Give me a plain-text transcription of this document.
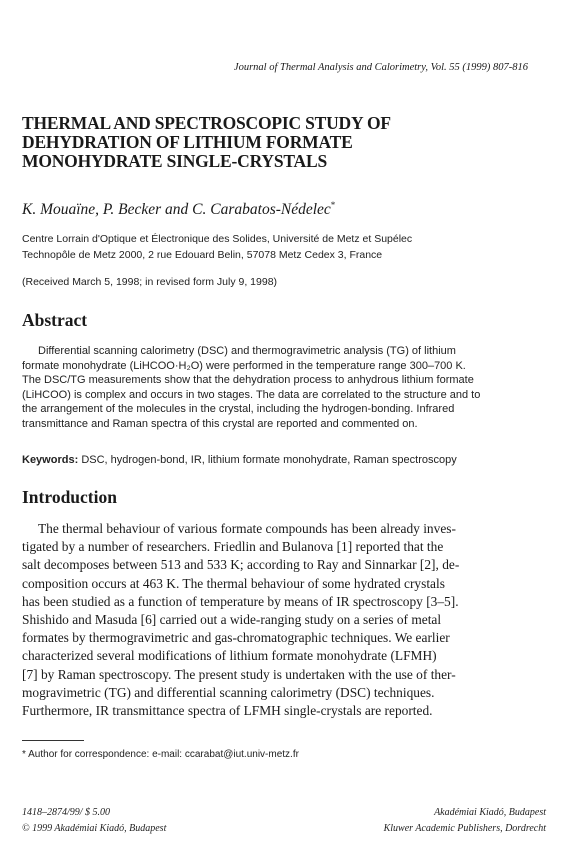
Journal of Thermal Analysis and Calorimetry, Vol. 55 (1999) 807-816
THERMAL AND SPECTROSCOPIC STUDY OF
DEHYDRATION OF LITHIUM FORMATE
MONOHYDRATE SINGLE-CRYSTALS
K. Mouaïne, P. Becker and C. Carabatos-Nédelec*
Centre Lorrain d'Optique et Électronique des Solides, Université de Metz et Supélec
Technopôle de Metz 2000, 2 rue Edouard Belin, 57078 Metz Cedex 3, France
(Received March 5, 1998; in revised form July 9, 1998)
Abstract
Differential scanning calorimetry (DSC) and thermogravimetric analysis (TG) of lithium
formate monohydrate (LiHCOO·H₂O) were performed in the temperature range 300–700 K.
The DSC/TG measurements show that the dehydration process to anhydrous lithium formate
(LiHCOO) is complex and occurs in two stages. The data are correlated to the structure and to
the arrangement of the molecules in the crystal, including the hydrogen-bonding. Infrared
transmittance and Raman spectra of this crystal are reported and commented on.
Keywords: DSC, hydrogen-bond, IR, lithium formate monohydrate, Raman spectroscopy
Introduction
The thermal behaviour of various formate compounds has been already inves-
tigated by a number of researchers. Friedlin and Bulanova [1] reported that the
salt decomposes between 513 and 533 K; according to Ray and Sinnarkar [2], de-
composition occurs at 463 K. The thermal behaviour of some hydrated crystals
has been studied as a function of temperature by means of IR spectroscopy [3–5].
Shishido and Masuda [6] carried out a wide-ranging study on a series of metal
formates by thermogravimetric and gas-chromatographic techniques. We earlier
characterized several modifications of lithium formate monohydrate (LFMH)
[7] by Raman spectroscopy. The present study is undertaken with the use of ther-
mogravimetric (TG) and differential scanning calorimetry (DSC) techniques.
Furthermore, IR transmittance spectra of LFMH single-crystals are reported.
* Author for correspondence: e-mail: ccarabat@iut.univ-metz.fr
1418–2874/99/ $ 5.00
© 1999 Akadémiai Kiadó, Budapest
Akadémiai Kiadó, Budapest
Kluwer Academic Publishers, Dordrecht
